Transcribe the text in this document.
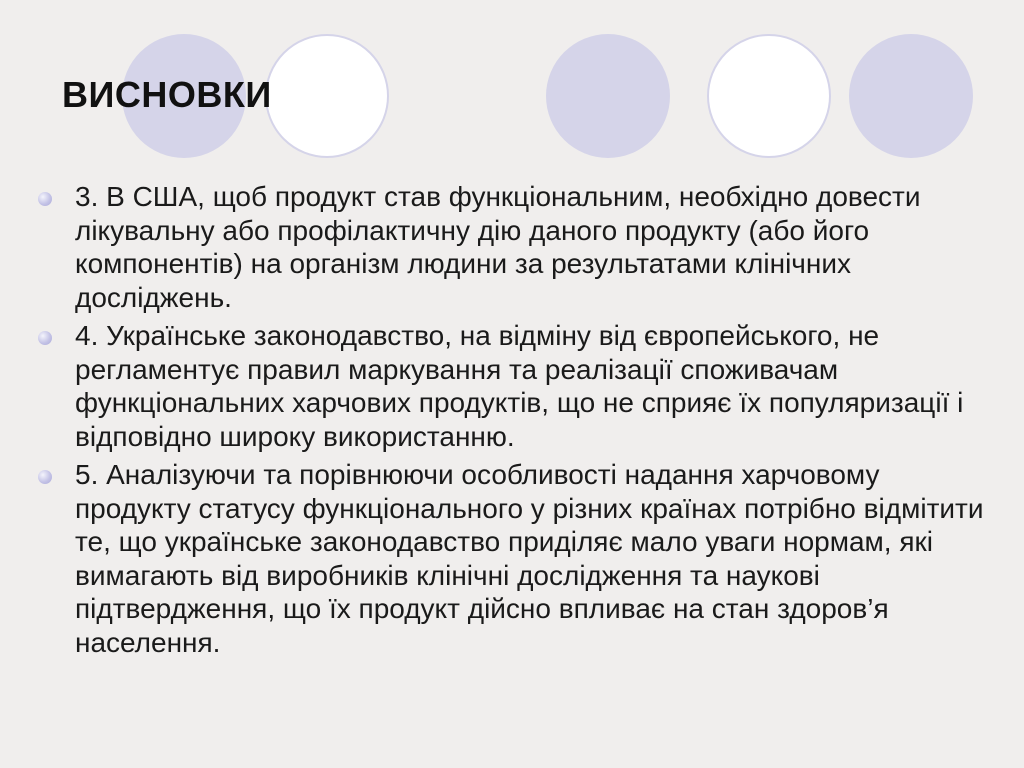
ВИСНОВКИ
3. В США, щоб продукт став функціональним, необхідно довести лікувальну або профілактичну дію даного продукту (або його компонентів) на організм людини за результатами клінічних досліджень.
4. Українське законодавство, на відміну від європейського, не регламентує правил маркування та реалізації споживачам функціональних харчових продуктів, що не сприяє їх популяризації і відповідно широку використанню.
5. Аналізуючи та порівнюючи особливості надання харчовому продукту статусу функціонального у різних країнах потрібно відмітити те, що українське законодавство приділяє мало уваги нормам, які вимагають від виробників клінічні дослідження та наукові підтвердження, що їх продукт дійсно впливає на стан здоров’я населення.
